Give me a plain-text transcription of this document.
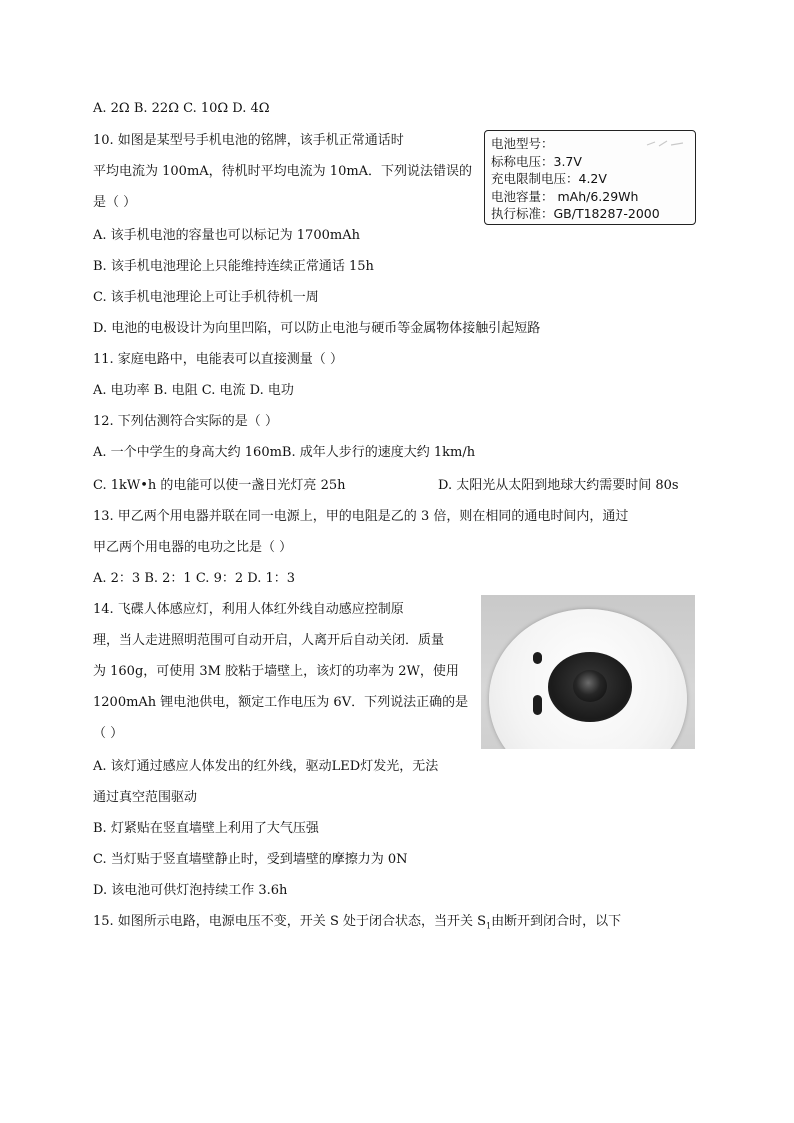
A. 2Ω B. 22Ω C. 10Ω D. 4Ω
10. 如图是某型号手机电池的铭牌，该手机正常通话时
平均电流为 100mA，待机时平均电流为 10mA．下列说法错误的
是（ ）
A. 该手机电池的容量也可以标记为 1700mAh
B. 该手机电池理论上只能维持连续正常通话 15h
C. 该手机电池理论上可让手机待机一周
D. 电池的电极设计为向里凹陷，可以防止电池与硬币等金属物体接触引起短路
11. 家庭电路中，电能表可以直接测量（ ）
A. 电功率 B. 电阻 C. 电流 D. 电功
12. 下列估测符合实际的是（ ）
A. 一个中学生的身高大约 160mB. 成年人步行的速度大约 1km/h
C. 1kW•h 的电能可以使一盏日光灯亮 25h	D. 太阳光从太阳到地球大约需要时间 80s
13. 甲乙两个用电器并联在同一电源上，甲的电阻是乙的 3 倍，则在相同的通电时间内，通过
甲乙两个用电器的电功之比是（ ）
A. 2：3 B. 2：1 C. 9：2 D. 1：3
14. 飞碟人体感应灯，利用人体红外线自动感应控制原
理，当人走进照明范围可自动开启，人离开后自动关闭．质量
为 160g，可使用 3M 胶粘于墙壁上，该灯的功率为 2W，使用
1200mAh 锂电池供电，额定工作电压为 6V．下列说法正确的是
（ ）
A. 该灯通过感应人体发出的红外线，驱动LED灯发光，无法
通过真空范围驱动
B. 灯紧贴在竖直墙壁上利用了大气压强
C. 当灯贴于竖直墙壁静止时，受到墙壁的摩擦力为 0N
D. 该电池可供灯泡持续工作 3.6h
15. 如图所示电路，电源电压不变，开关 S 处于闭合状态，当开关 $S_1$由断开到闭合时，以下
电池型号：
标称电压：3.7V
充电限制电压：4.2V
电池容量： mAh/6.29Wh
执行标准：GB/T18287-2000
